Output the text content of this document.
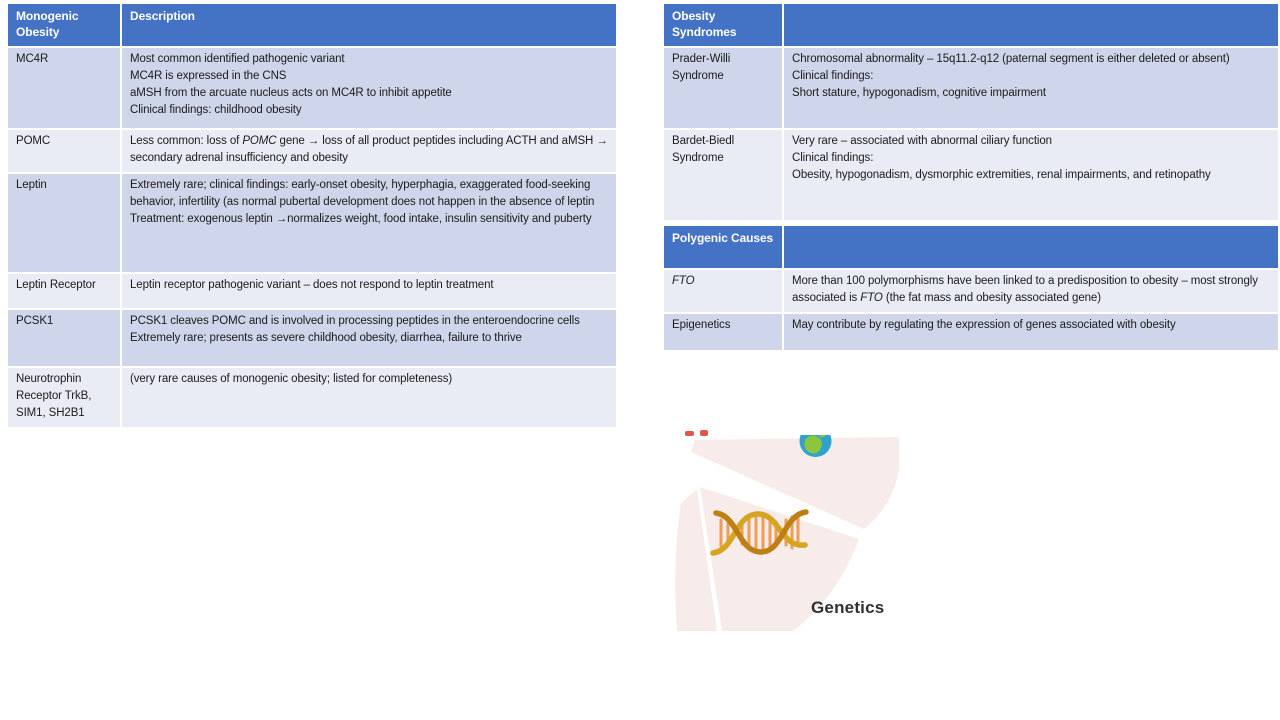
Monogenic Obesity	Description
MC4R	Most common identified pathogenic variant
MC4R is expressed in the CNS
aMSH from the arcuate nucleus acts on MC4R to inhibit appetite
Clinical findings: childhood obesity

POMC	Less common: loss of POMC gene → loss of all product peptides including ACTH and aMSH → secondary adrenal insufficiency and obesity

Leptin	Extremely rare; clinical findings: early-onset obesity, hyperphagia, exaggerated food-seeking behavior, infertility (as normal pubertal development does not happen in the absence of leptin
Treatment: exogenous leptin →normalizes weight, food intake, insulin sensitivity and puberty

Leptin Receptor	Leptin receptor pathogenic variant – does not respond to leptin treatment

PCSK1	PCSK1 cleaves POMC and is involved in processing peptides in the enteroendocrine cells
Extremely rare; presents as severe childhood obesity, diarrhea, failure to thrive

Neurotrophin Receptor TrkB, SIM1, SH2B1	(very rare causes of monogenic obesity; listed for completeness)
Obesity Syndromes	
Prader-Willi Syndrome	Chromosomal abnormality – 15q11.2-q12 (paternal segment is either deleted or absent)
Clinical findings:
Short stature, hypogonadism, cognitive impairment

Bardet-Biedl Syndrome	Very rare – associated with abnormal ciliary function
Clinical findings:
Obesity, hypogonadism, dysmorphic extremities, renal impairments, and retinopathy
Polygenic Causes	
FTO	More than 100 polymorphisms have been linked to a predisposition to obesity – most strongly associated is FTO (the fat mass and obesity associated gene)

Epigenetics	May contribute by regulating the expression of genes associated with obesity
Genetics
